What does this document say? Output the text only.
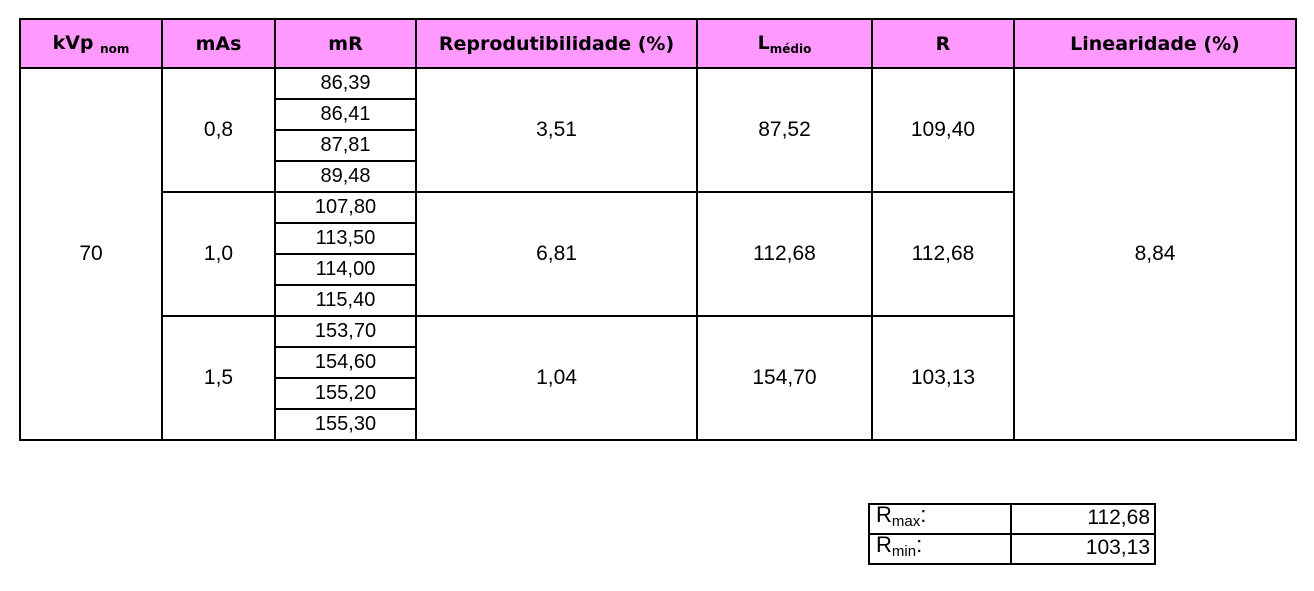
kVp $_{nom}$	mAs	mR	Reprodutibilidade (%)	$L_{médio}$	R	Linearidade (%)
70	0,8	86,39	3,51	87,52	109,40	8,84
		86,41				
		87,81				
		89,48				
	1,0	107,80	6,81	112,68	112,68	
		113,50				
		114,00				
		115,40				
	1,5	153,70	1,04	154,70	103,13	
		154,60				
		155,20				
		155,30				
$R_{max}$:	112,68
$R_{min}$:	103,13
